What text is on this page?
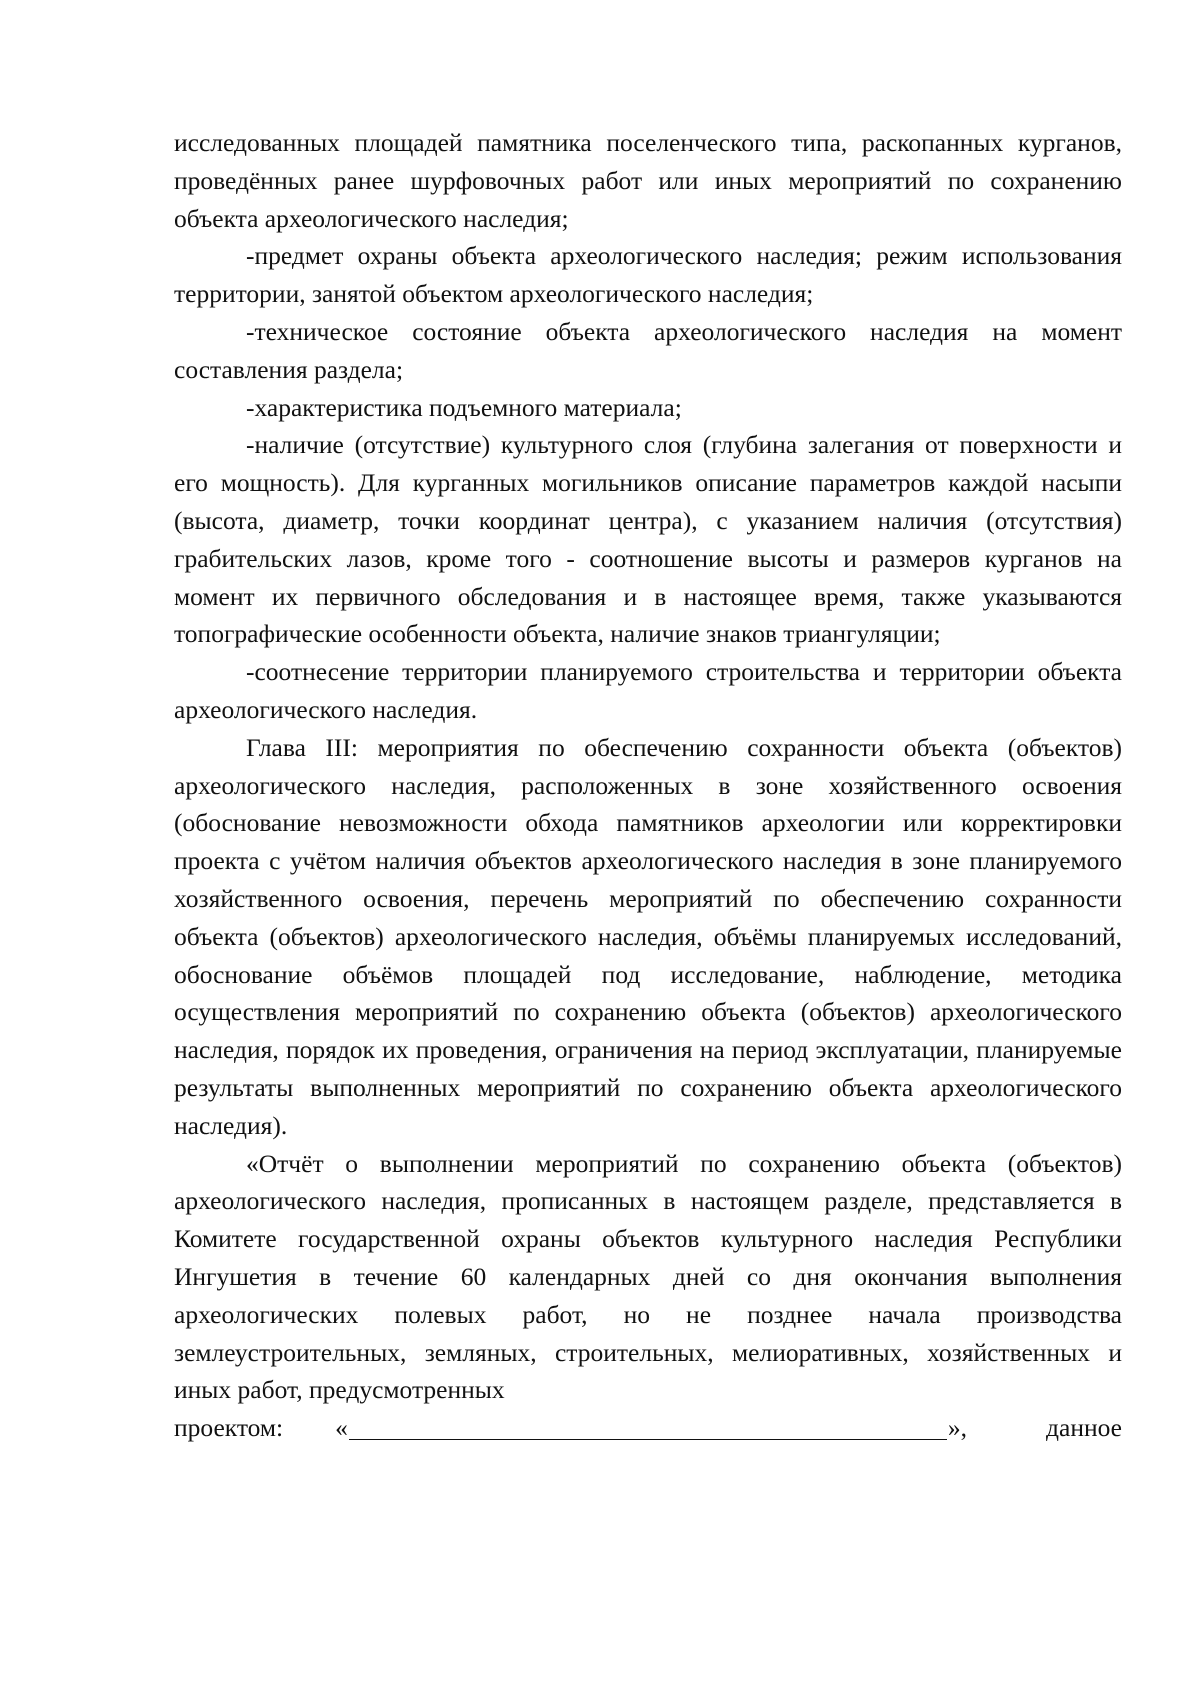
исследованных площадей памятника поселенческого типа, раскопанных курганов, проведённых ранее шурфовочных работ или иных мероприятий по сохранению объекта археологического наследия;

-предмет охраны объекта археологического наследия; режим использования территории, занятой объектом археологического наследия;

-техническое состояние объекта археологического наследия на момент составления раздела;

-характеристика подъемного материала;

-наличие (отсутствие) культурного слоя (глубина залегания от поверхности и его мощность). Для курганных могильников описание параметров каждой насыпи (высота, диаметр, точки координат центра), с указанием наличия (отсутствия) грабительских лазов, кроме того - соотношение высоты и размеров курганов на момент их первичного обследования и в настоящее время, также указываются топографические особенности объекта, наличие знаков триангуляции;

-соотнесение территории планируемого строительства и территории объекта археологического наследия.

Глава III: мероприятия по обеспечению сохранности объекта (объектов) археологического наследия, расположенных в зоне хозяйственного освоения (обоснование невозможности обхода памятников археологии или корректировки проекта с учётом наличия объектов археологического наследия в зоне планируемого хозяйственного освоения, перечень мероприятий по обеспечению сохранности объекта (объектов) археологического наследия, объёмы планируемых исследований, обоснование объёмов площадей под исследование, наблюдение, методика осуществления мероприятий по сохранению объекта (объектов) археологического наследия, порядок их проведения, ограничения на период эксплуатации, планируемые результаты выполненных мероприятий по сохранению объекта археологического наследия).

«Отчёт о выполнении мероприятий по сохранению объекта (объектов) археологического наследия, прописанных в настоящем разделе, представляется в Комитете государственной охраны объектов культурного наследия Республики Ингушетия в течение 60 календарных дней со дня окончания выполнения археологических полевых работ, но не позднее начала производства землеустроительных, земляных, строительных, мелиоративных, хозяйственных и иных работ, предусмотренных

проектом: «	»,	данное
